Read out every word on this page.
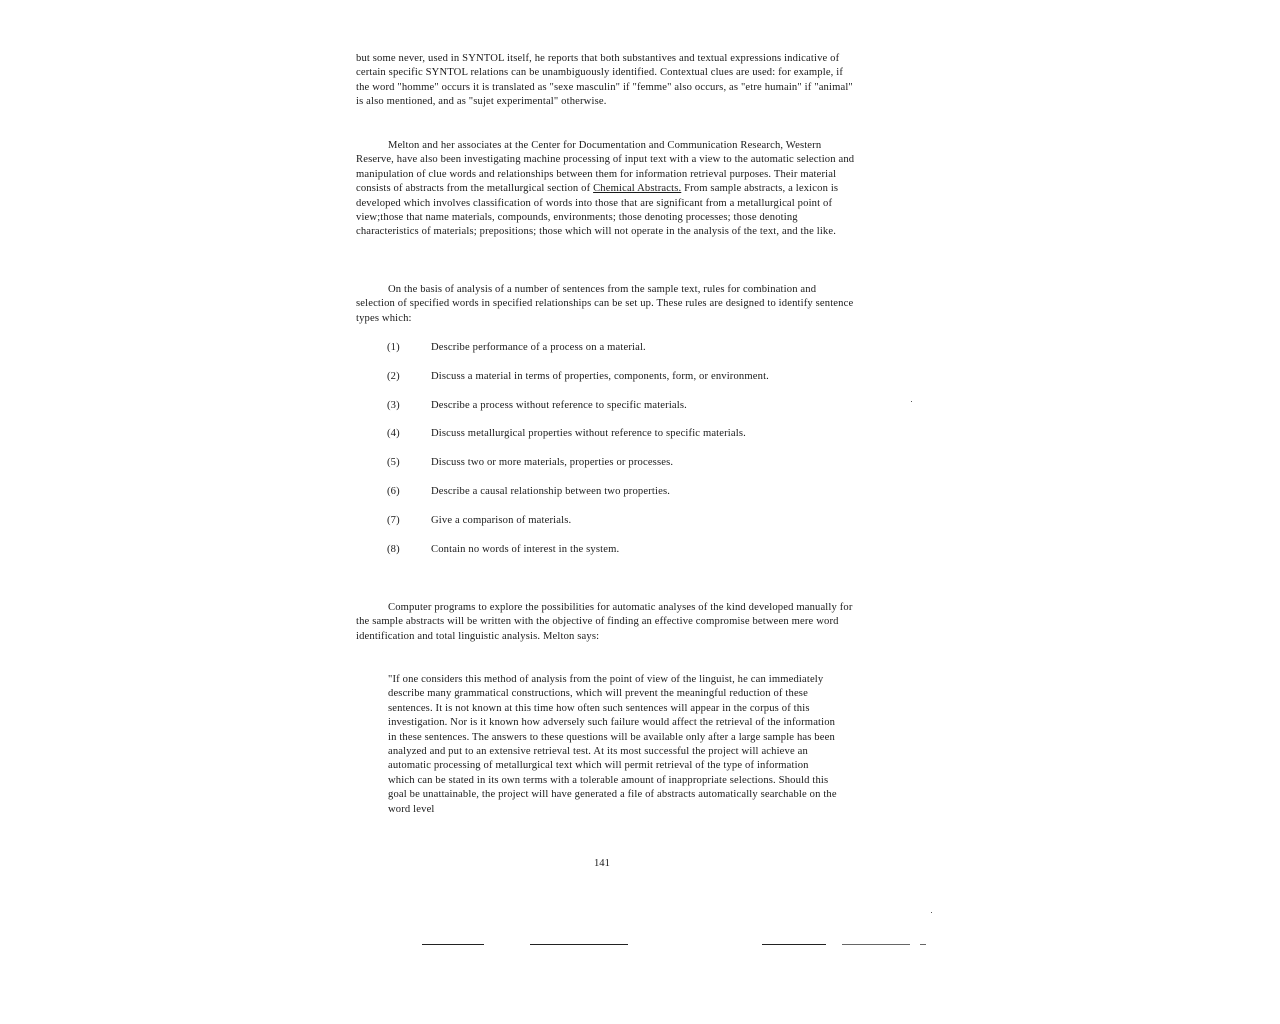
but some never, used in SYNTOL itself, he reports that both substantives and textual expressions indicative of certain specific SYNTOL relations can be unambiguously identified. Contextual clues are used: for example, if the word "homme" occurs it is translated as "sexe masculin" if "femme" also occurs, as "etre humain" if "animal" is also mentioned, and as "sujet experimental" otherwise.

Melton and her associates at the Center for Documentation and Communication Research, Western Reserve, have also been investigating machine processing of input text with a view to the automatic selection and manipulation of clue words and relationships between them for information retrieval purposes. Their material consists of abstracts from the metallurgical section of Chemical Abstracts. From sample abstracts, a lexicon is developed which involves classification of words into those that are significant from a metallurgical point of view;those that name materials, compounds, environments; those denoting processes; those denoting characteristics of materials; prepositions; those which will not operate in the analysis of the text, and the like.

On the basis of analysis of a number of sentences from the sample text, rules for combination and selection of specified words in specified relationships can be set up. These rules are designed to identify sentence types which:

(1)	Describe performance of a process on a material.
(2)	Discuss a material in terms of properties, components, form, or environment.
(3)	Describe a process without reference to specific materials.
(4)	Discuss metallurgical properties without reference to specific materials.
(5)	Discuss two or more materials, properties or processes.
(6)	Describe a causal relationship between two properties.
(7)	Give a comparison of materials.
(8)	Contain no words of interest in the system.

Computer programs to explore the possibilities for automatic analyses of the kind developed manually for the sample abstracts will be written with the objective of finding an effective compromise between mere word identification and total linguistic analysis. Melton says:

"If one considers this method of analysis from the point of view of the linguist, he can immediately describe many grammatical constructions, which will prevent the meaningful reduction of these sentences. It is not known at this time how often such sentences will appear in the corpus of this investigation. Nor is it known how adversely such failure would affect the retrieval of the information in these sentences. The answers to these questions will be available only after a large sample has been analyzed and put to an extensive retrieval test. At its most successful the project will achieve an automatic processing of metallurgical text which will permit retrieval of the type of information which can be stated in its own terms with a tolerable amount of inappropriate selections. Should this goal be unattainable, the project will have generated a file of abstracts automatically searchable on the word level

141
